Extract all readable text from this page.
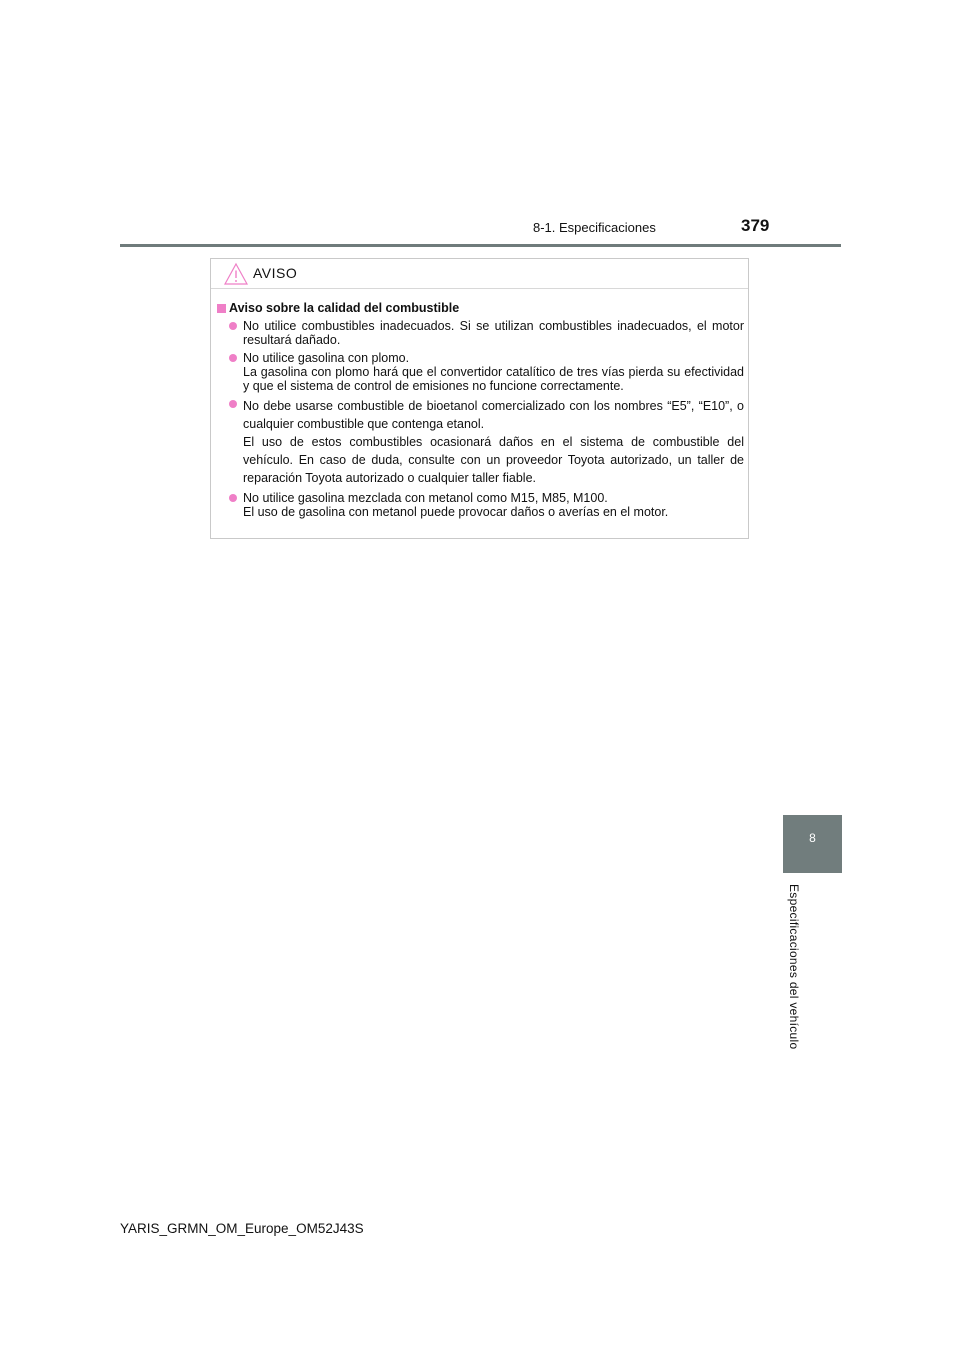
8-1. Especificaciones	379
AVISO
Aviso sobre la calidad del combustible
No utilice combustibles inadecuados. Si se utilizan combustibles inadecuados, el motor resultará dañado.
No utilice gasolina con plomo.
La gasolina con plomo hará que el convertidor catalítico de tres vías pierda su efectividad y que el sistema de control de emisiones no funcione correctamente.
No debe usarse combustible de bioetanol comercializado con los nombres “E5”, “E10”, o cualquier combustible que contenga etanol.
El uso de estos combustibles ocasionará daños en el sistema de combustible del vehículo. En caso de duda, consulte con un proveedor Toyota autorizado, un taller de reparación Toyota autorizado o cualquier taller fiable.
No utilice gasolina mezclada con metanol como M15, M85, M100.
El uso de gasolina con metanol puede provocar daños o averías en el motor.
8
Especificaciones del vehículo
YARIS_GRMN_OM_Europe_OM52J43S
